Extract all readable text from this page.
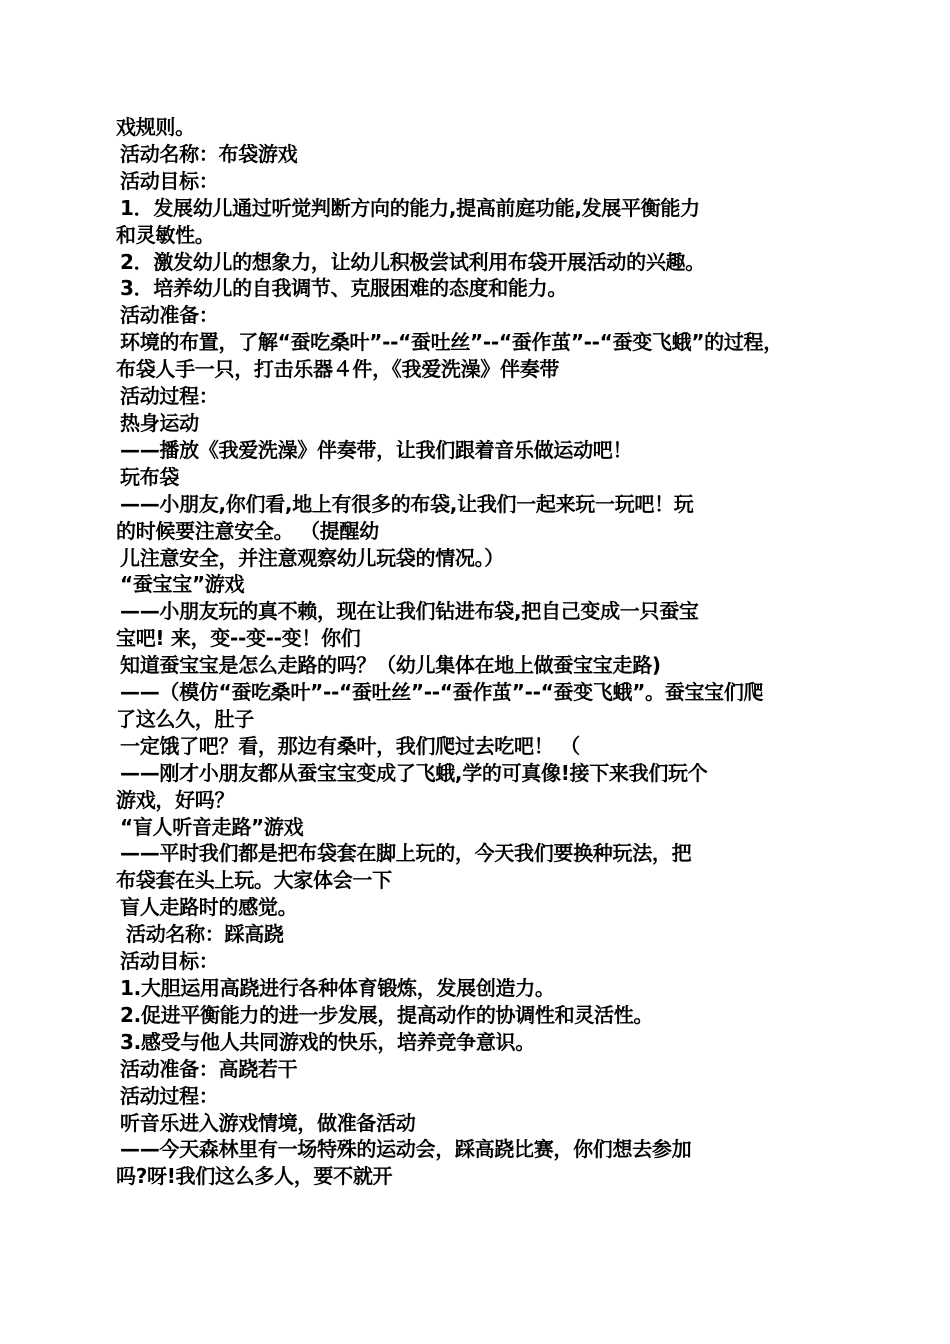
戏规则。
活动名称：布袋游戏
活动目标：
1．发展幼儿通过听觉判断方向的能力,提高前庭功能,发展平衡能力
和灵敏性。
2．激发幼儿的想象力，让幼儿积极尝试利用布袋开展活动的兴趣。
3．培养幼儿的自我调节、克服困难的态度和能力。
活动准备：
环境的布置，了解“蚕吃桑叶”--“蚕吐丝”--“蚕作茧”--“蚕变飞蛾”的过程，
布袋人手一只，打击乐器４件，《我爱洗澡》伴奏带
活动过程：
热身运动
——播放《我爱洗澡》伴奏带，让我们跟着音乐做运动吧！
玩布袋
——小朋友,你们看,地上有很多的布袋,让我们一起来玩一玩吧！玩
的时候要注意安全。 （提醒幼
儿注意安全，并注意观察幼儿玩袋的情况。）
“蚕宝宝”游戏
——小朋友玩的真不赖，现在让我们钻进布袋,把自己变成一只蚕宝
宝吧! 来，变--变--变！你们
知道蚕宝宝是怎么走路的吗？（幼儿集体在地上做蚕宝宝走路)
——（模仿“蚕吃桑叶”--“蚕吐丝”--“蚕作茧”--“蚕变飞蛾”。蚕宝宝们爬
了这么久，肚子
一定饿了吧？看，那边有桑叶，我们爬过去吃吧！ （
——刚才小朋友都从蚕宝宝变成了飞蛾,学的可真像!接下来我们玩个
游戏，好吗？
“盲人听音走路”游戏
——平时我们都是把布袋套在脚上玩的，今天我们要换种玩法，把
布袋套在头上玩。大家体会一下
盲人走路时的感觉。
活动名称：踩高跷
活动目标：
1.大胆运用高跷进行各种体育锻炼，发展创造力。
2.促进平衡能力的进一步发展，提高动作的协调性和灵活性。
3.感受与他人共同游戏的快乐，培养竞争意识。
活动准备：高跷若干
活动过程：
听音乐进入游戏情境，做准备活动
——今天森林里有一场特殊的运动会，踩高跷比赛，你们想去参加
吗?呀!我们这么多人，要不就开
